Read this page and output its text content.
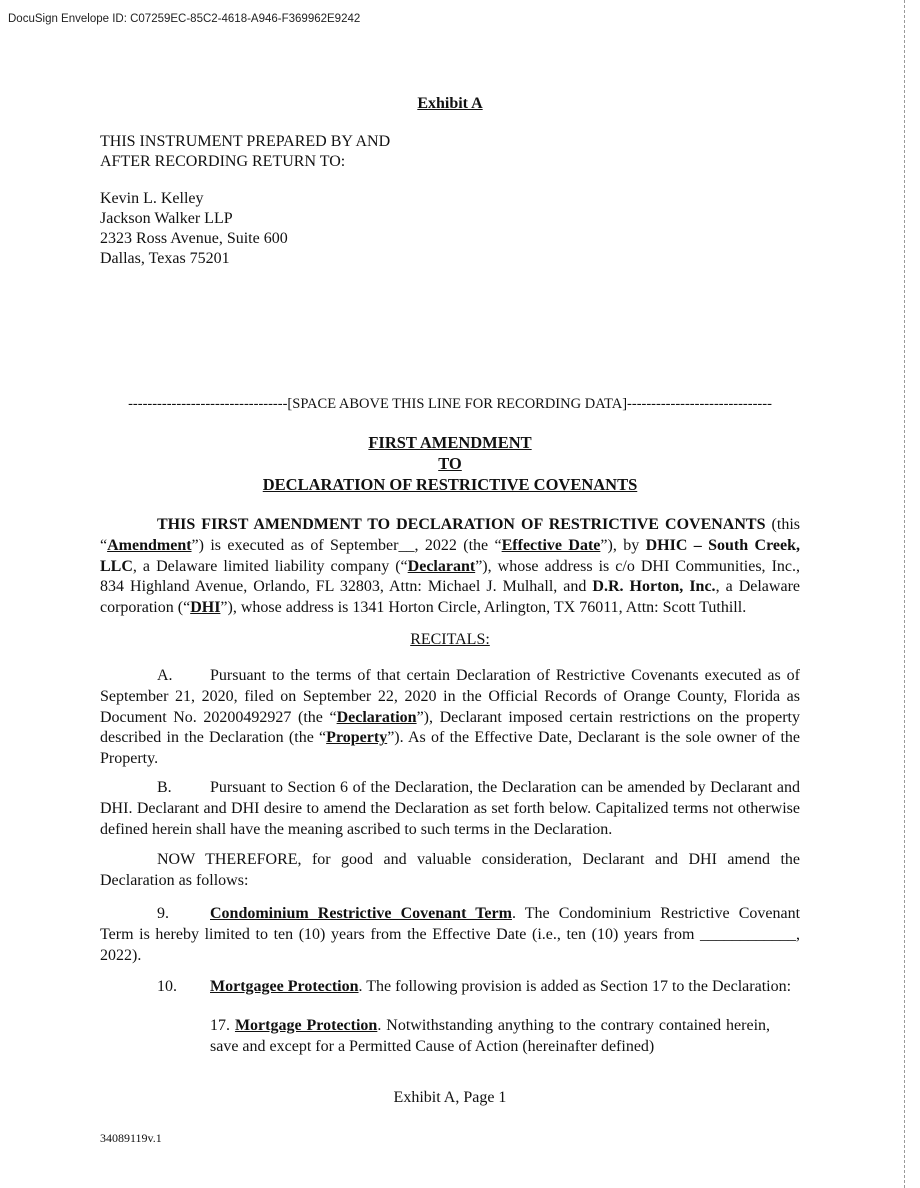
DocuSign Envelope ID: C07259EC-85C2-4618-A946-F369962E9242
Exhibit A
THIS INSTRUMENT PREPARED BY AND
AFTER RECORDING RETURN TO:
Kevin L. Kelley
Jackson Walker LLP
2323 Ross Avenue, Suite 600
Dallas, Texas 75201
---------------------------------[SPACE ABOVE THIS LINE FOR RECORDING DATA]------------------------------
FIRST AMENDMENT
TO
DECLARATION OF RESTRICTIVE COVENANTS
THIS FIRST AMENDMENT TO DECLARATION OF RESTRICTIVE COVENANTS (this “Amendment”) is executed as of September__, 2022 (the “Effective Date”), by DHIC – South Creek, LLC, a Delaware limited liability company (“Declarant”), whose address is c/o DHI Communities, Inc., 834 Highland Avenue, Orlando, FL 32803, Attn: Michael J. Mulhall, and D.R. Horton, Inc., a Delaware corporation (“DHI”), whose address is 1341 Horton Circle, Arlington, TX 76011, Attn: Scott Tuthill.
RECITALS:
A. Pursuant to the terms of that certain Declaration of Restrictive Covenants executed as of September 21, 2020, filed on September 22, 2020 in the Official Records of Orange County, Florida as Document No. 20200492927 (the “Declaration”), Declarant imposed certain restrictions on the property described in the Declaration (the “Property”). As of the Effective Date, Declarant is the sole owner of the Property.
B. Pursuant to Section 6 of the Declaration, the Declaration can be amended by Declarant and DHI. Declarant and DHI desire to amend the Declaration as set forth below. Capitalized terms not otherwise defined herein shall have the meaning ascribed to such terms in the Declaration.
NOW THEREFORE, for good and valuable consideration, Declarant and DHI amend the Declaration as follows:
9.	Condominium Restrictive Covenant Term. The Condominium Restrictive Covenant Term is hereby limited to ten (10) years from the Effective Date (i.e., ten (10) years from ____________, 2022).
10. Mortgagee Protection. The following provision is added as Section 17 to the Declaration:
17. Mortgage Protection. Notwithstanding anything to the contrary contained herein, save and except for a Permitted Cause of Action (hereinafter defined)
Exhibit A, Page 1
34089119v.1
